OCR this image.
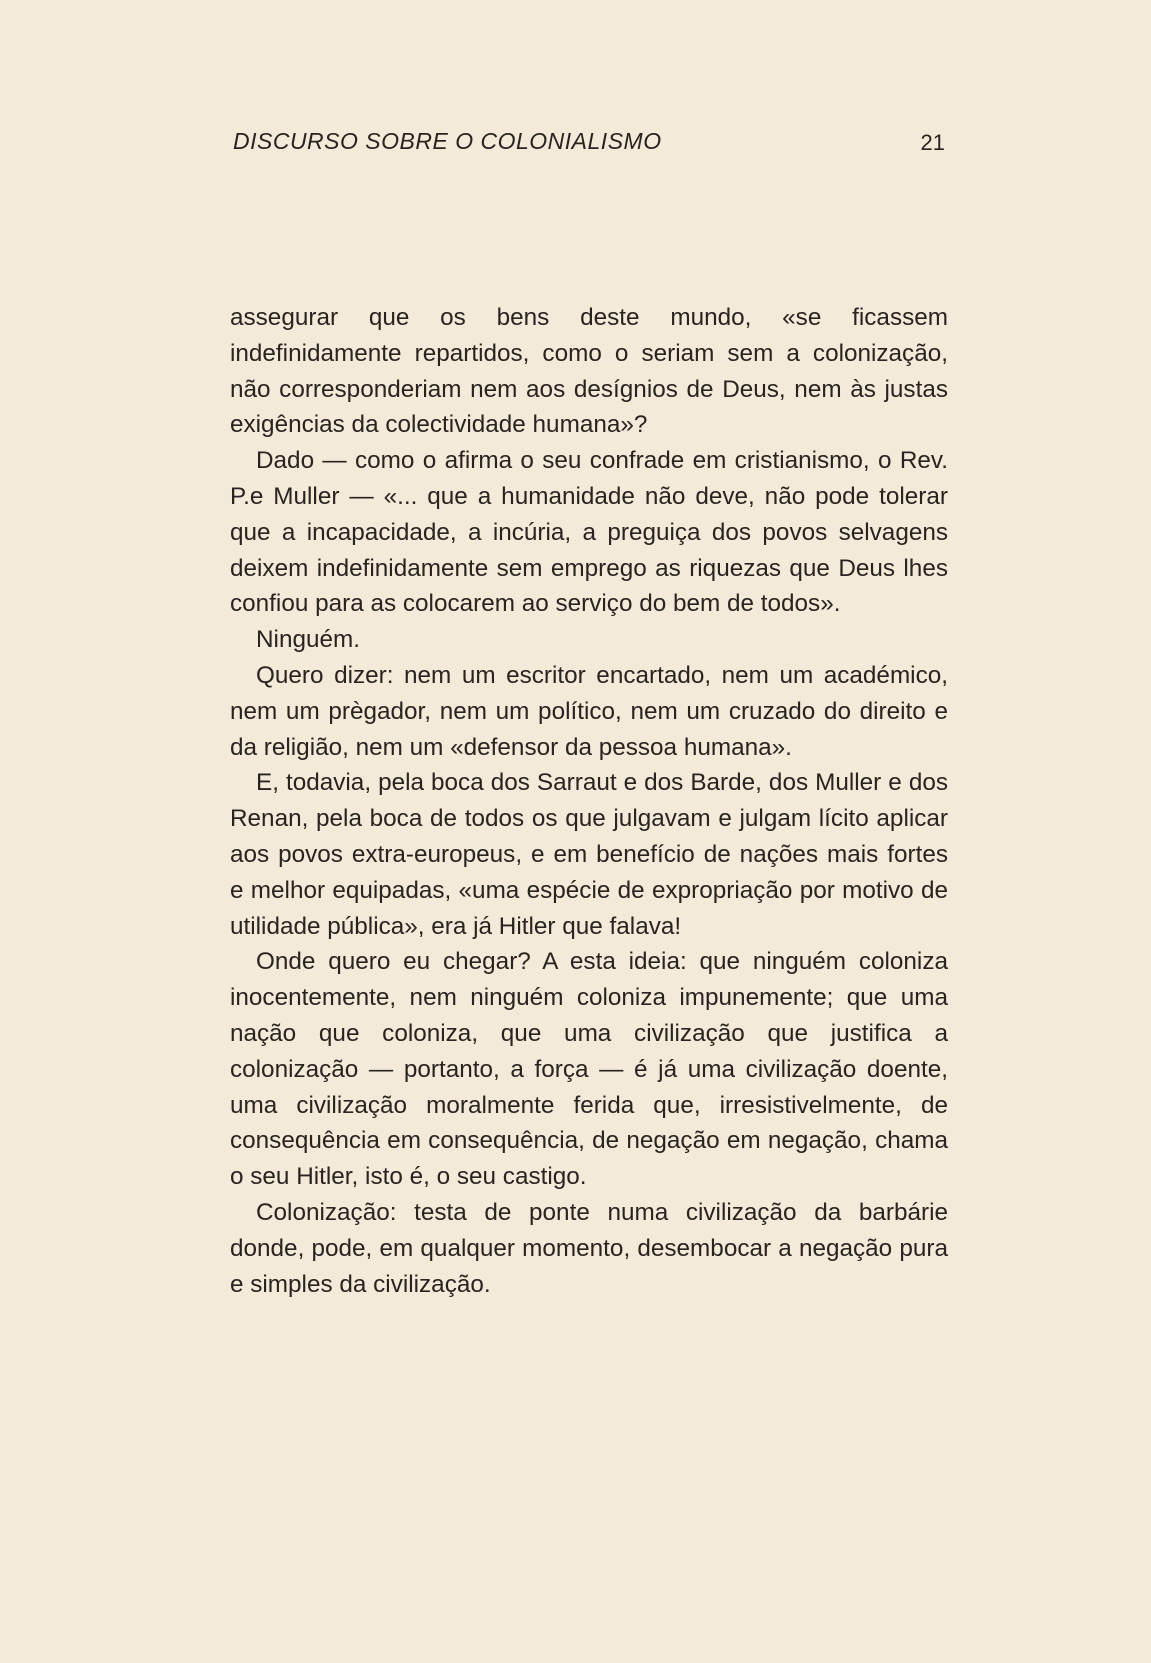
DISCURSO SOBRE O COLONIALISMO	21

assegurar que os bens deste mundo, «se ficassem indefinidamente repartidos, como o seriam sem a colonização, não corresponderiam nem aos desígnios de Deus, nem às justas exigências da colectividade humana»?

Dado — como o afirma o seu confrade em cristianismo, o Rev. P.e Muller — «... que a humanidade não deve, não pode tolerar que a incapacidade, a incúria, a preguiça dos povos selvagens deixem indefinidamente sem emprego as riquezas que Deus lhes confiou para as colocarem ao serviço do bem de todos».

Ninguém.

Quero dizer: nem um escritor encartado, nem um académico, nem um prègador, nem um político, nem um cruzado do direito e da religião, nem um «defensor da pessoa humana».

E, todavia, pela boca dos Sarraut e dos Barde, dos Muller e dos Renan, pela boca de todos os que julgavam e julgam lícito aplicar aos povos extra-europeus, e em benefício de nações mais fortes e melhor equipadas, «uma espécie de expropriação por motivo de utilidade pública», era já Hitler que falava!

Onde quero eu chegar? A esta ideia: que ninguém coloniza inocentemente, nem ninguém coloniza impunemente; que uma nação que coloniza, que uma civilização que justifica a colonização — portanto, a força — é já uma civilização doente, uma civilização moralmente ferida que, irresistivelmente, de consequência em consequência, de negação em negação, chama o seu Hitler, isto é, o seu castigo.

Colonização: testa de ponte numa civilização da barbárie donde, pode, em qualquer momento, desembocar a negação pura e simples da civilização.
